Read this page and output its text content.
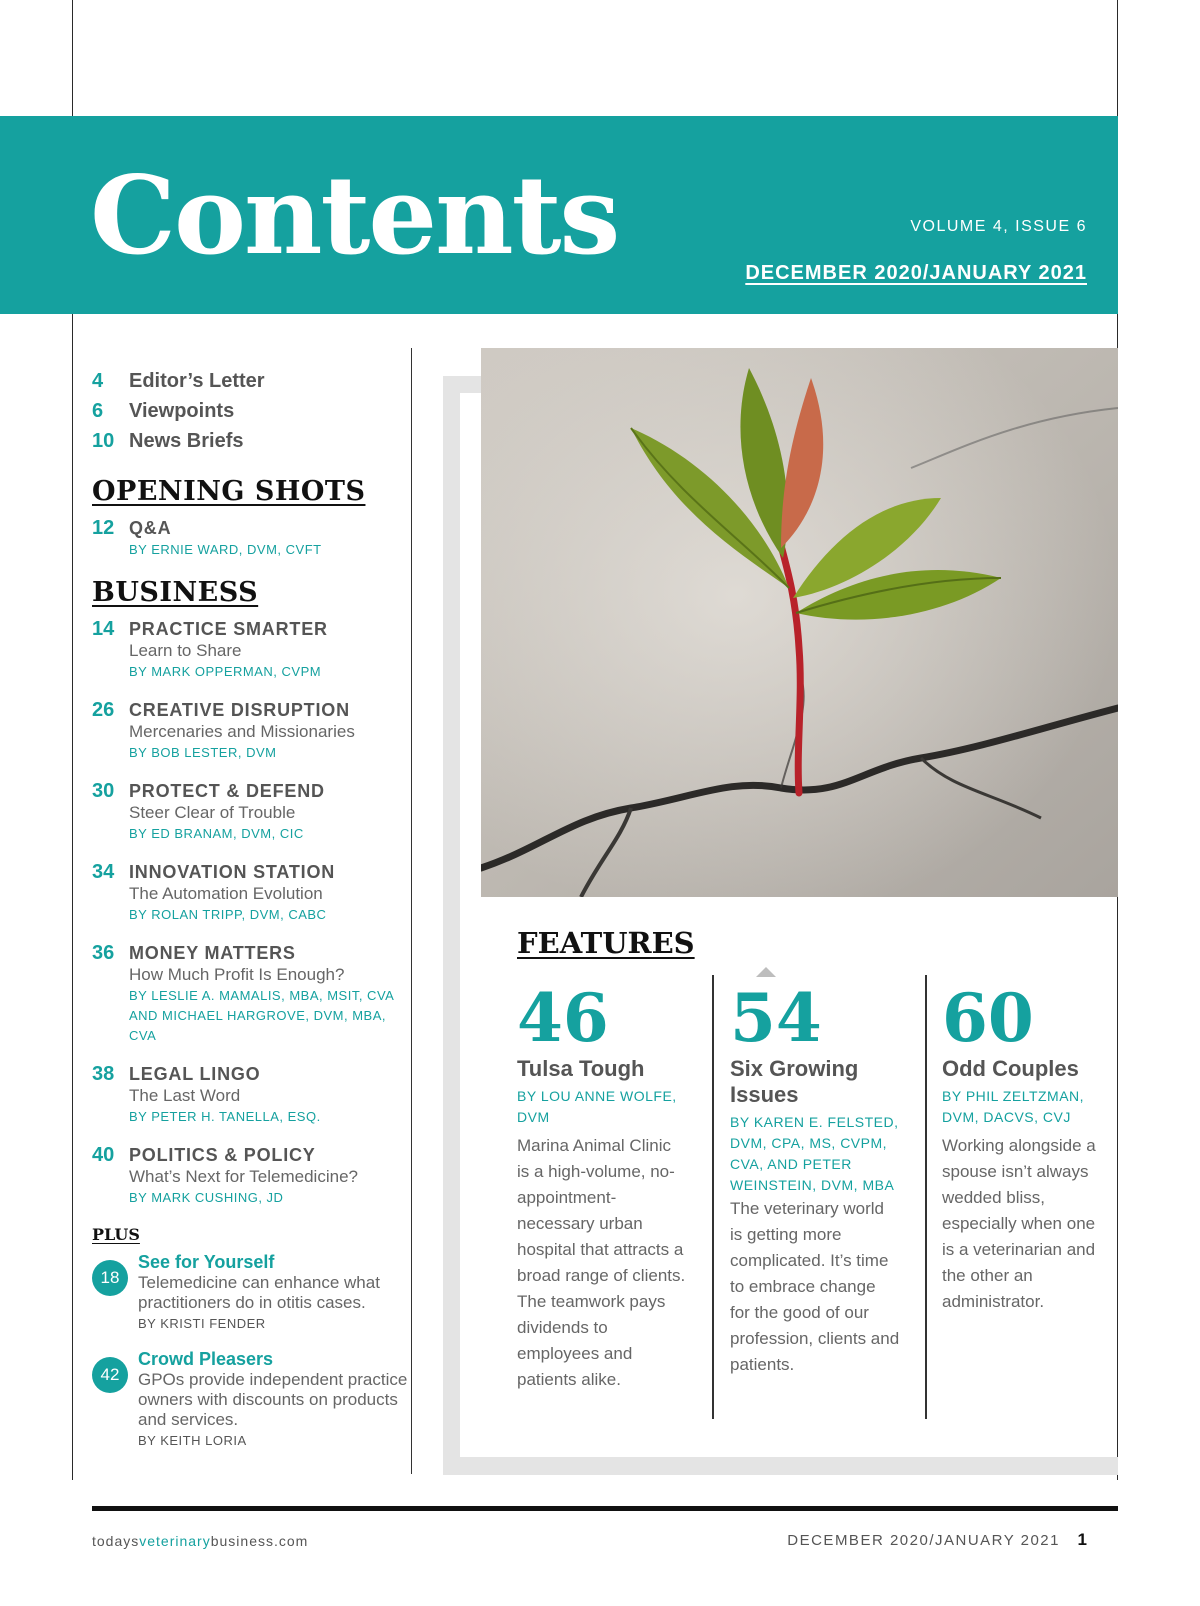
Contents	VOLUME 4, ISSUE 6
DECEMBER 2020/JANUARY 2021
4	Editor’s Letter
6	Viewpoints
10 News Briefs
OPENING SHOTS
12 Q&A
BY ERNIE WARD, DVM, CVFT
BUSINESS
14 PRACTICE SMARTER
Learn to Share
BY MARK OPPERMAN, CVPM
26 CREATIVE DISRUPTION
Mercenaries and Missionaries
BY BOB LESTER, DVM
30 PROTECT & DEFEND
Steer Clear of Trouble
BY ED BRANAM, DVM, CIC
34 INNOVATION STATION
The Automation Evolution
BY ROLAN TRIPP, DVM, CABC
36 MONEY MATTERS
How Much Profit Is Enough?
BY LESLIE A. MAMALIS, MBA, MSIT, CVA AND MICHAEL HARGROVE, DVM, MBA, CVA
38 LEGAL LINGO
The Last Word
BY PETER H. TANELLA, ESQ.
40 POLITICS & POLICY
What’s Next for Telemedicine?
BY MARK CUSHING, JD
PLUS
18
See for Yourself
Telemedicine can enhance what practitioners do in otitis cases.
BY KRISTI FENDER
42
Crowd Pleasers
GPOs provide independent practice owners with discounts on products and services.
BY KEITH LORIA
FEATURES
46
Tulsa Tough
BY LOU ANNE WOLFE, DVM
Marina Animal Clinic is a high-volume, no-appointment-necessary urban hospital that attracts a broad range of clients. The teamwork pays dividends to employees and patients alike.
54
Six Growing Issues
BY KAREN E. FELSTED, DVM, CPA, MS, CVPM, CVA, AND PETER WEINSTEIN, DVM, MBA
The veterinary world is getting more complicated. It’s time to embrace change for the good of our profession, clients and patients.
60
Odd Couples
BY PHIL ZELTZMAN, DVM, DACVS, CVJ
Working alongside a spouse isn’t always wedded bliss, especially when one is a veterinarian and the other an administrator.
todaysveterinarybusiness.com	DECEMBER 2020/JANUARY 2021 1
